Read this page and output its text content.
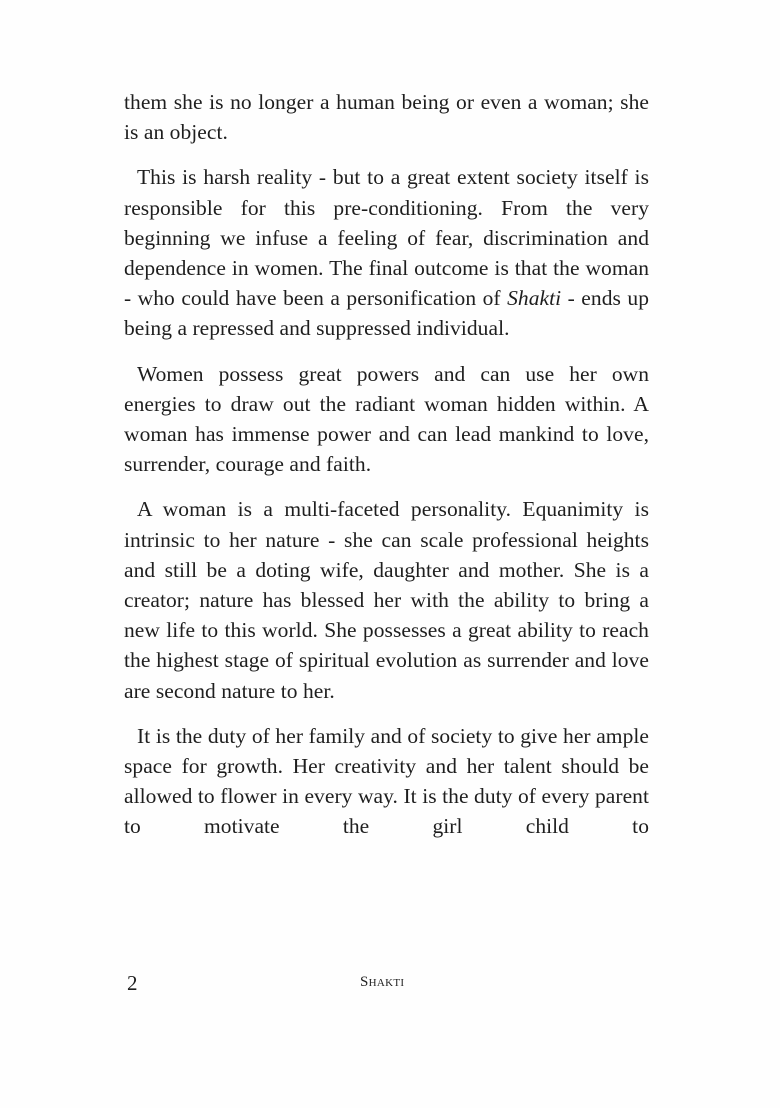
them she is no longer a human being or even a woman; she is an object.

This is harsh reality - but to a great extent society itself is responsible for this pre-conditioning. From the very beginning we infuse a feeling of fear, discrimination and dependence in women. The final outcome is that the woman - who could have been a personification of Shakti - ends up being a repressed and suppressed individual.

Women possess great powers and can use her own energies to draw out the radiant woman hidden within. A woman has immense power and can lead mankind to love, surrender, courage and faith.

A woman is a multi-faceted personality. Equanimity is intrinsic to her nature - she can scale professional heights and still be a doting wife, daughter and mother. She is a creator; nature has blessed her with the ability to bring a new life to this world. She possesses a great ability to reach the highest stage of spiritual evolution as surrender and love are second nature to her.

It is the duty of her family and of society to give her ample space for growth. Her creativity and her talent should be allowed to flower in every way. It is the duty of every parent to motivate the girl child to

2	Shakti
